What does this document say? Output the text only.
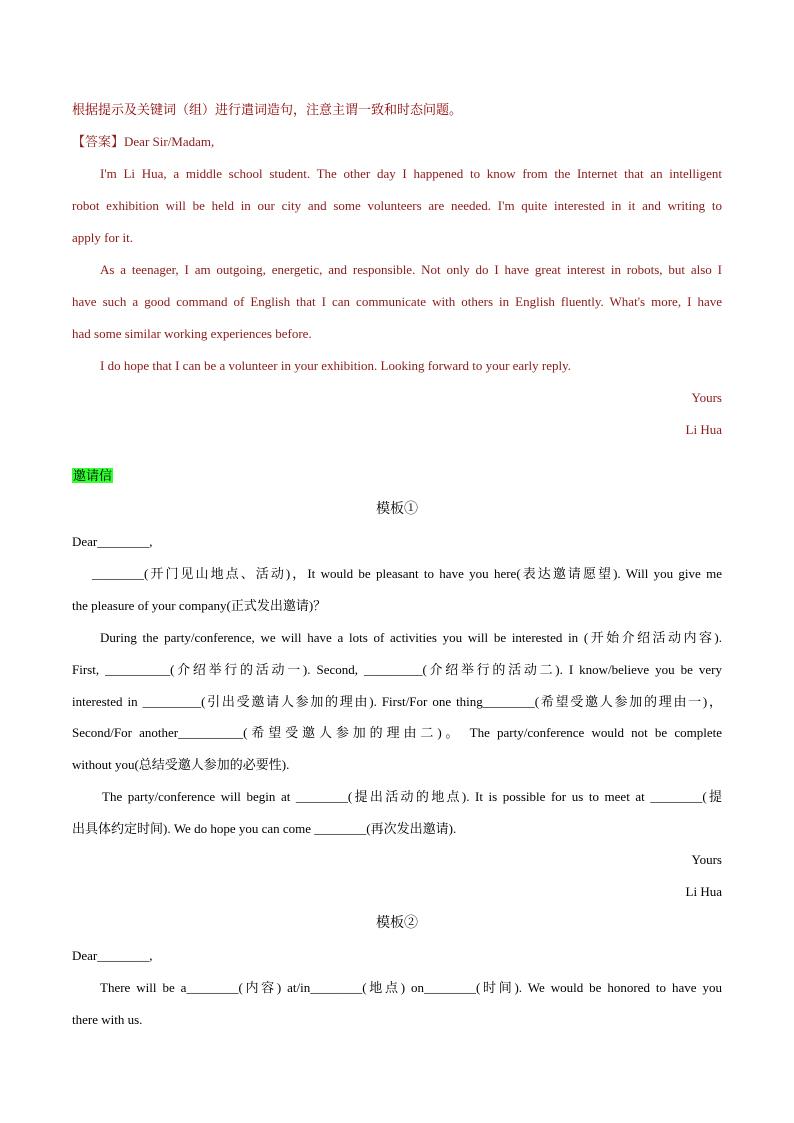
根据提示及关键词（组）进行遣词造句，注意主谓一致和时态问题。
【答案】Dear Sir/Madam,
I'm Li Hua, a middle school student. The other day I happened to know from the Internet that an intelligent
robot exhibition will be held in our city and some volunteers are needed. I'm quite interested in it and writing to
apply for it.
As a teenager, I am outgoing, energetic, and responsible. Not only do I have great interest in robots, but also I
have such a good command of English that I can communicate with others in English fluently. What's more, I have
had some similar working experiences before.
I do hope that I can be a volunteer in your exhibition. Looking forward to your early reply.
Yours
Li Hua
邀请信
模板①
Dear________,
________(开门见山地点、活动)，It would be pleasant to have you here(表达邀请愿望). Will you give me
the pleasure of your company(正式发出邀请)？
During the party/conference, we will have a lots of activities you will be interested in (开始介绍活动内容).
First, __________(介绍举行的活动一). Second, _________(介绍举行的活动二). I know/believe you be very
interested in _________(引出受邀请人参加的理由). First/For one thing________(希望受邀人参加的理由一)，
Second/For another__________(希望受邀人参加的理由二)。 The party/conference would not be complete
without you(总结受邀人参加的必要性).
The party/conference will begin at ________(提出活动的地点). It is possible for us to meet at ________(提
出具体约定时间). We do hope you can come ________(再次发出邀请).
Yours
Li Hua
模板②
Dear________,
There will be a________(内容) at/in________(地点) on________(时间). We would be honored to have you
there with us.
